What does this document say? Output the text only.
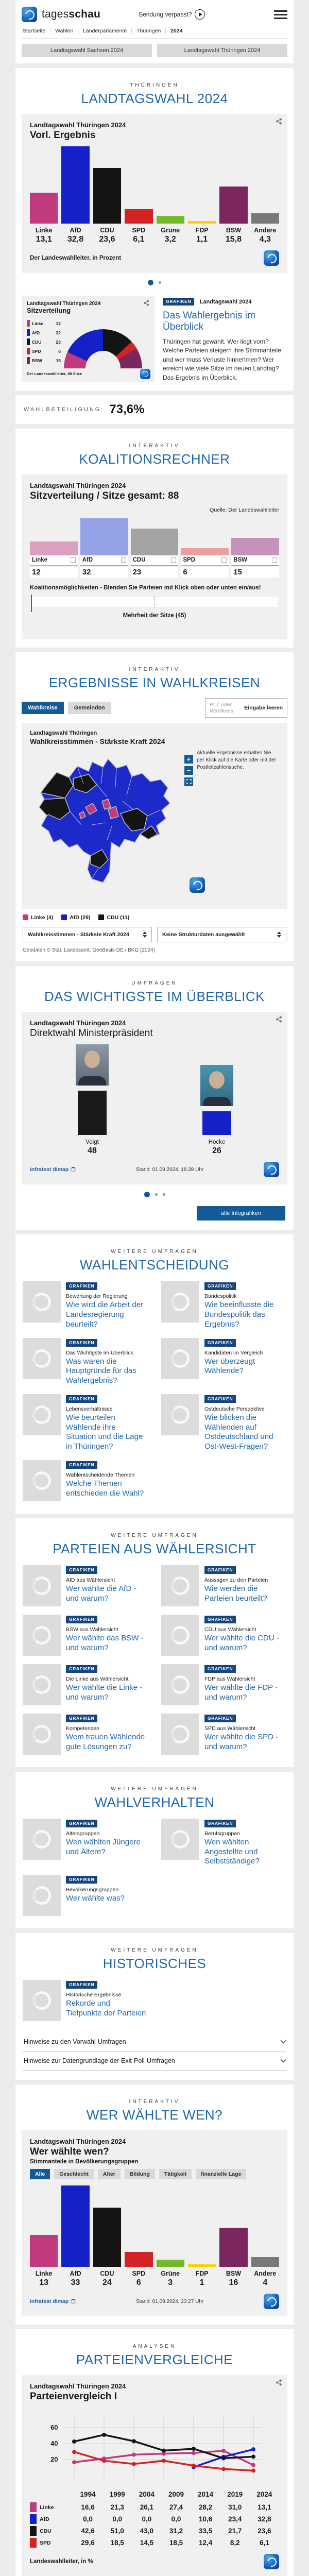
tagesschau	Sendung verpasst?
Startseite | Wahlen | Länderparlamente | Thüringen | 2024
Landtagswahl Sachsen 2024	Landtagswahl Thüringen 2024
THÜRINGEN
LANDTAGSWAHL 2024
Landtagswahl Thüringen 2024
Vorl. Ergebnis
Linke
13,1
AfD
32,8
CDU
23,6
SPD
6,1
Grüne
3,2
FDP
1,1
BSW
15,8
Andere
4,3
Der Landeswahlleiter, in Prozent
Landtagswahl Thüringen 2024
Sitzverteilung
Linke	12
AfD	32
CDU	23
SPD	6
BSW	15
Der Landeswahlleiter, 88 Sitze
GRAFIKEN Landtagswahl 2024
Das Wahlergebnis im Überblick
Thüringen hat gewählt. Wer liegt vorn? Welche Parteien steigern ihre Stimmanteile und wer muss Verluste hinnehmen? Wer erreicht wie viele Sitze im neuen Landtag? Das Ergebnis im Überblick.
WAHLBETEILIGUNG: 73,6%
INTERAKTIV
KOALITIONSRECHNER
Landtagswahl Thüringen 2024
Sitzverteilung / Sitze gesamt: 88
Quelle: Der Landeswahlleiter
Linke
12
AfD
32
CDU
23
SPD
6
BSW
15
Koalitionsmöglichkeiten - Blenden Sie Parteien mit Klick oben oder unten ein/aus!
Mehrheit der Sitze (45)
INTERAKTIV
ERGEBNISSE IN WAHLKREISEN
Wahlkreise	Gemeinden	PLZ oder Wahlkreis	Eingabe leeren
Landtagswahl Thüringen
Wahlkreisstimmen - Stärkste Kraft 2024
Aktuelle Ergebnisse erhalten Sie per Klick auf die Karte oder mit der Postleitzahlensuche.
+
−
Linke (4)	AfD (29)	CDU (11)
Wahlkreisstimmen - Stärkste Kraft 2024	Keine Strukturdaten ausgewählt
Geodaten © Stat. Landesamt, GeoBasis-DE / BKG (2024)
UMFRAGEN
DAS WICHTIGSTE IM ÜBERBLICK
Landtagswahl Thüringen 2024
Direktwahl Ministerpräsident
Voigt
48
Höcke
26
infratest dimap	Stand: 01.09.2024, 16:39 Uhr
alle Infografiken
WEITERE UMFRAGEN
WAHLENTSCHEIDUNG
GRAFIKEN
Bewertung der Regierung
Wie wird die Arbeit der Landesregierung beurteilt?
GRAFIKEN
Bundespolitik
Wie beeinflusste die Bundespolitik das Ergebnis?
GRAFIKEN
Das Wichtigste im Überblick
Was waren die Hauptgründe für das Wahlergebnis?
GRAFIKEN
Kandidaten im Vergleich
Wer überzeugt Wählende?
GRAFIKEN
Lebensverhältnisse
Wie beurteilen Wählende ihre Situation und die Lage in Thüringen?
GRAFIKEN
Ostdeutsche Perspektive
Wie blicken die Wählenden auf Ostdeutschland und Ost-West-Fragen?
GRAFIKEN
Wahlentscheidende Themen
Welche Themen entschieden die Wahl?
WEITERE UMFRAGEN
PARTEIEN AUS WÄHLERSICHT
GRAFIKEN
AfD aus Wählersicht
Wer wählte die AfD - und warum?
GRAFIKEN
Aussagen zu den Parteien
Wie werden die Parteien beurteilt?
GRAFIKEN
BSW aus Wählersicht
Wer wählte das BSW - und warum?
GRAFIKEN
CDU aus Wählersicht
Wer wählte die CDU - und warum?
GRAFIKEN
Die Linke aus Wählersicht
Wer wählte die Linke - und warum?
GRAFIKEN
FDP aus Wählersicht
Wer wählte die FDP - und warum?
GRAFIKEN
Kompetenzen
Wem trauen Wählende gute Lösungen zu?
GRAFIKEN
SPD aus Wählersicht
Wer wählte die SPD - und warum?
WEITERE UMFRAGEN
WAHLVERHALTEN
GRAFIKEN
Altersgruppen
Wen wählten Jüngere und Ältere?
GRAFIKEN
Berufsgruppen
Wen wählten Angestellte und Selbstständige?
GRAFIKEN
Bevölkerungsgruppen
Wer wählte was?
WEITERE UMFRAGEN
HISTORISCHES
GRAFIKEN
Historische Ergebnisse
Rekorde und Tiefpunkte der Parteien
Hinweise zu den Vorwahl-Umfragen
Hinweise zur Datengrundlage der Exit-Poll-Umfragen
INTERAKTIV
WER WÄHLTE WEN?
Landtagswahl Thüringen 2024
Wer wählte wen?
Stimmanteile in Bevölkerungsgruppen
Alle	Geschlecht	Alter	Bildung	Tätigkeit	finanzielle Lage
Linke
13
AfD
33
CDU
24
SPD
6
Grüne
3
FDP
1
BSW
16
Andere
4
infratest dimap	Stand: 01.09.2024, 23:27 Uhr
ANALYSEN
PARTEIENVERGLEICHE
Landtagswahl Thüringen 2024
Parteienvergleich I
20
40
60
1994	1999	2004	2009	2014	2019	2024
Linke	16,6	21,3	26,1	27,4	28,2	31,0	13,1
AfD	0,0	0,0	0,0	0,0	10,6	23,4	32,8
CDU	42,6	51,0	43,0	31,2	33,5	21,7	23,6
SPD	29,6	18,5	14,5	18,5	12,4	8,2	6,1
Landeswahlleiter, in %
